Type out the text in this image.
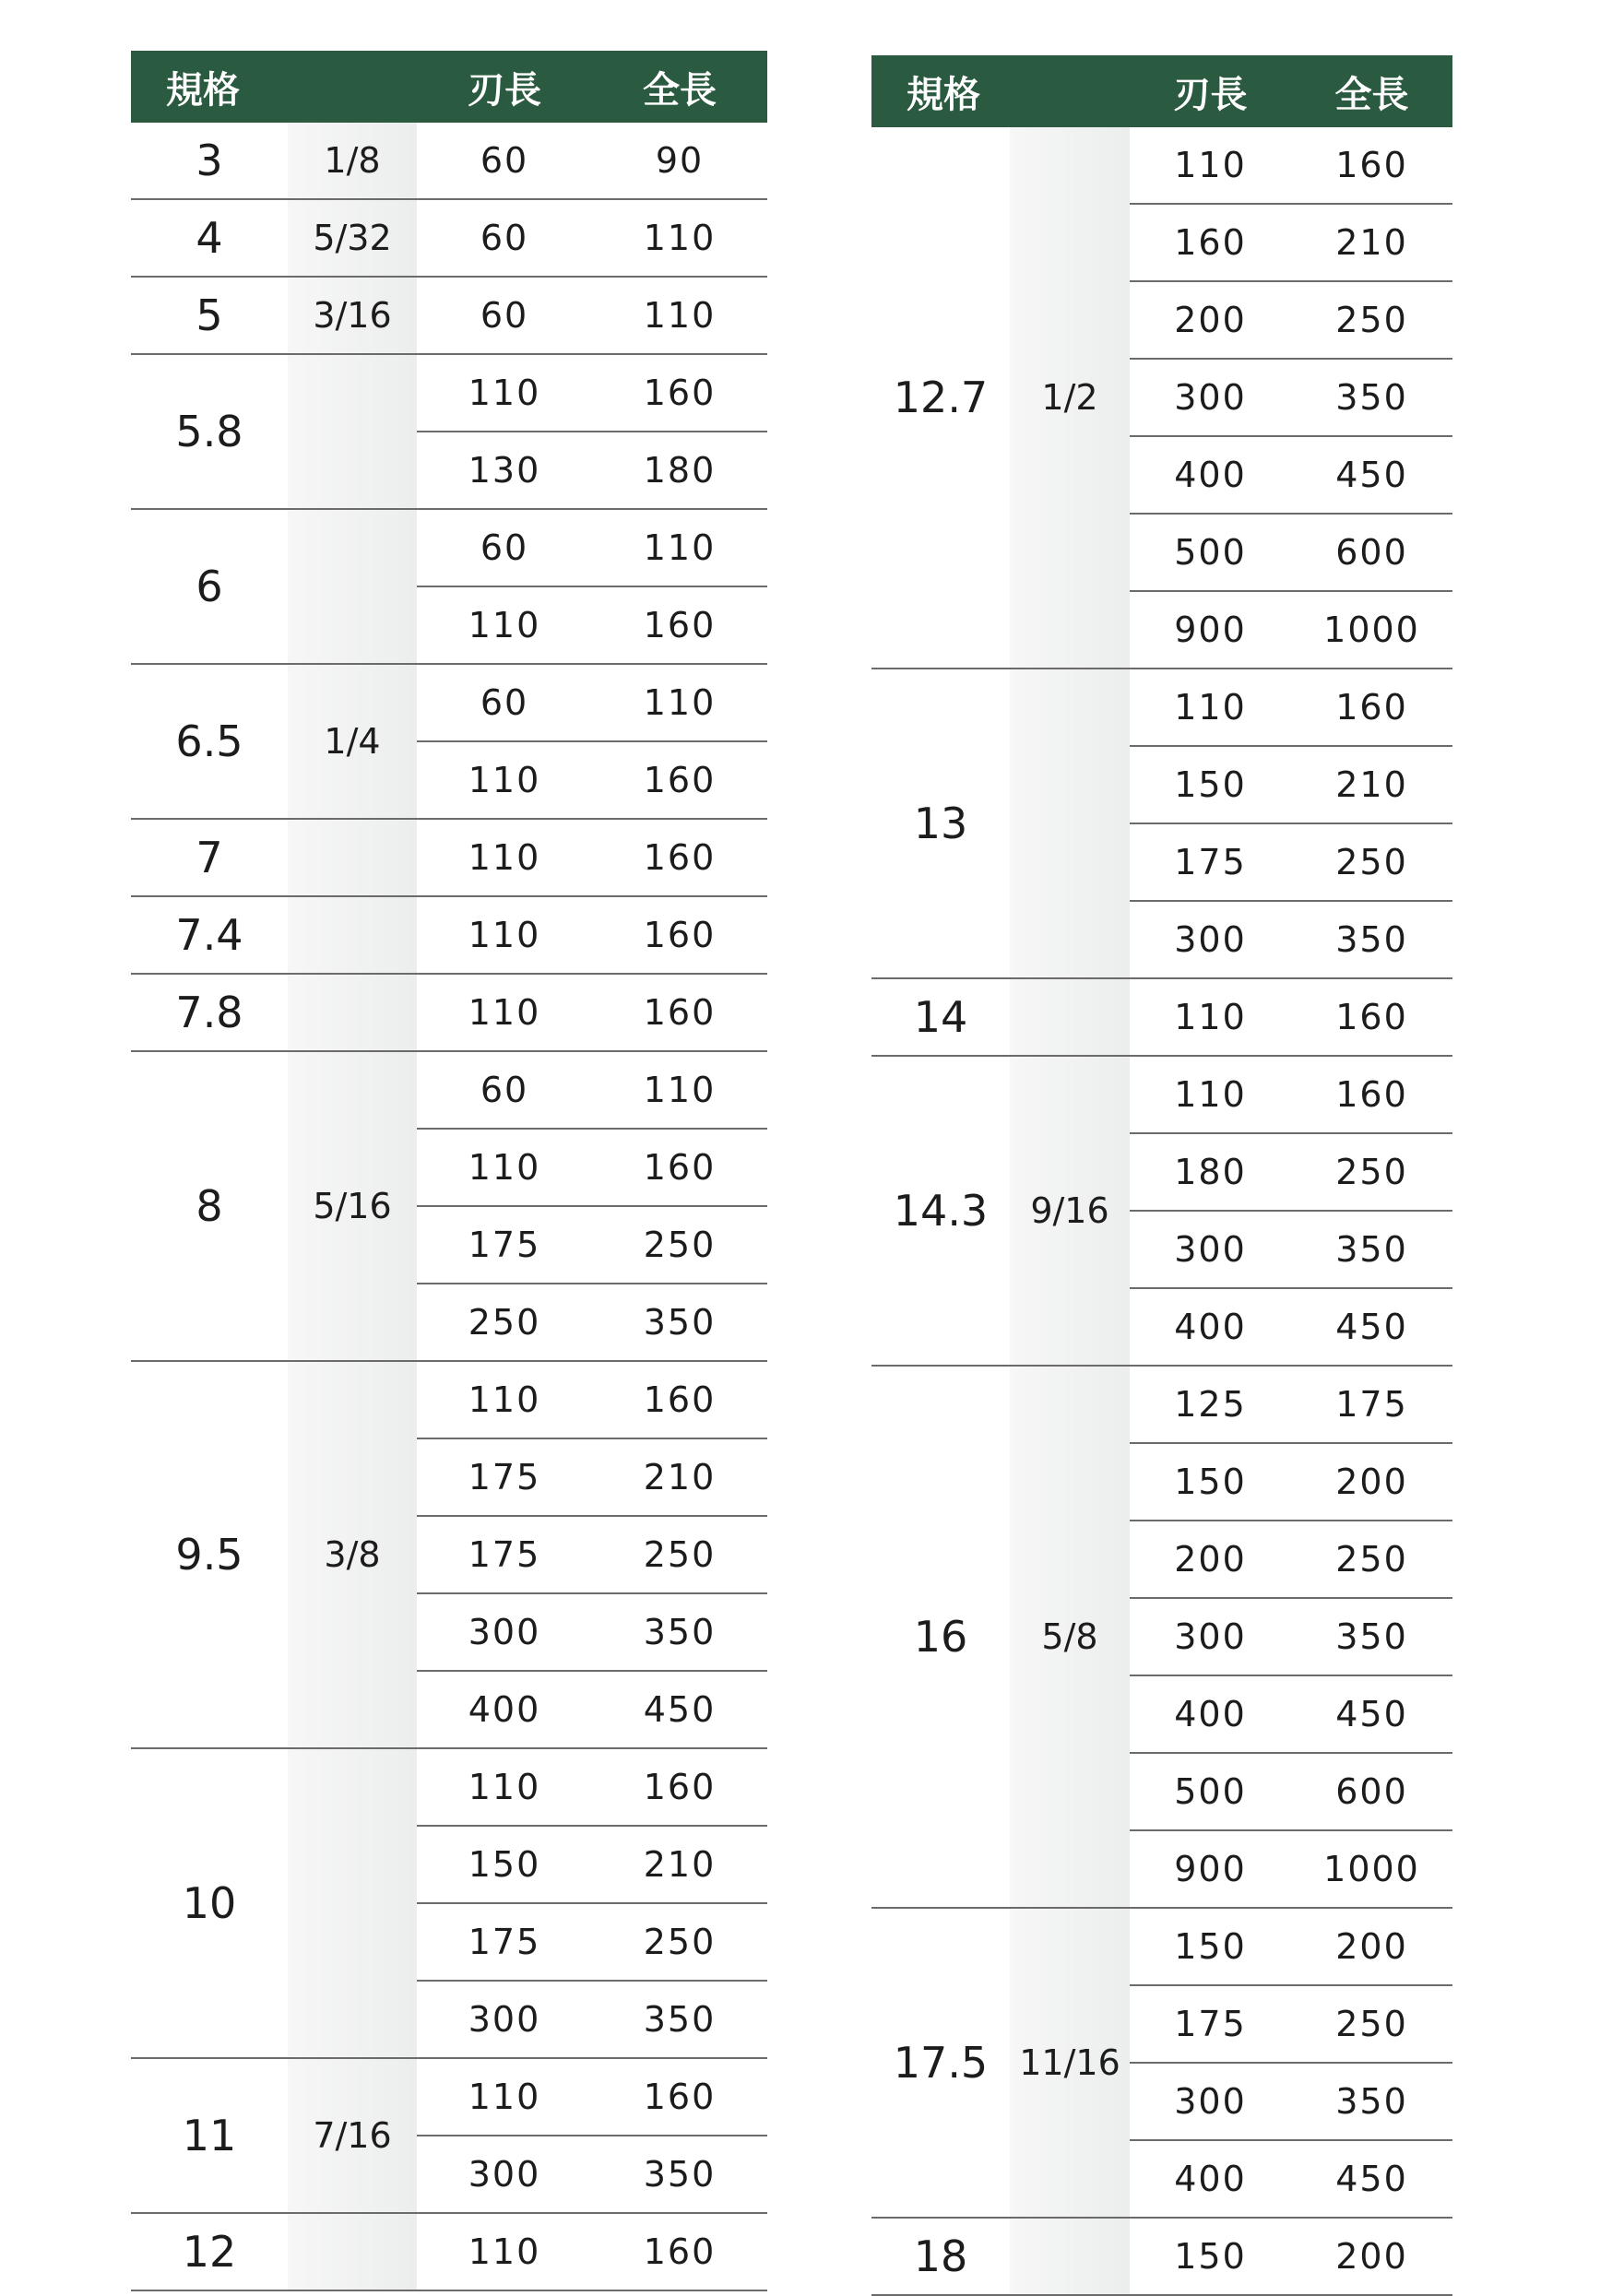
規格		刃長	全長
3	1/8	60	90
4	5/32	60	110
5	3/16	60	110
5.8		110	160
		130	180
6		60	110
		110	160
6.5	1/4	60	110
		110	160
7		110	160
7.4		110	160
7.8		110	160
8	5/16	60	110
		110	160
		175	250
		250	350
9.5	3/8	110	160
		175	210
		175	250
		300	350
		400	450
10		110	160
		150	210
		175	250
		300	350
11	7/16	110	160
		300	350
12		110	160
規格		刃長	全長
12.7	1/2	110	160
		160	210
		200	250
		300	350
		400	450
		500	600
		900	1000
13		110	160
		150	210
		175	250
		300	350
14		110	160
14.3	9/16	110	160
		180	250
		300	350
		400	450
16	5/8	125	175
		150	200
		200	250
		300	350
		400	450
		500	600
		900	1000
17.5	11/16	150	200
		175	250
		300	350
		400	450
18		150	200
